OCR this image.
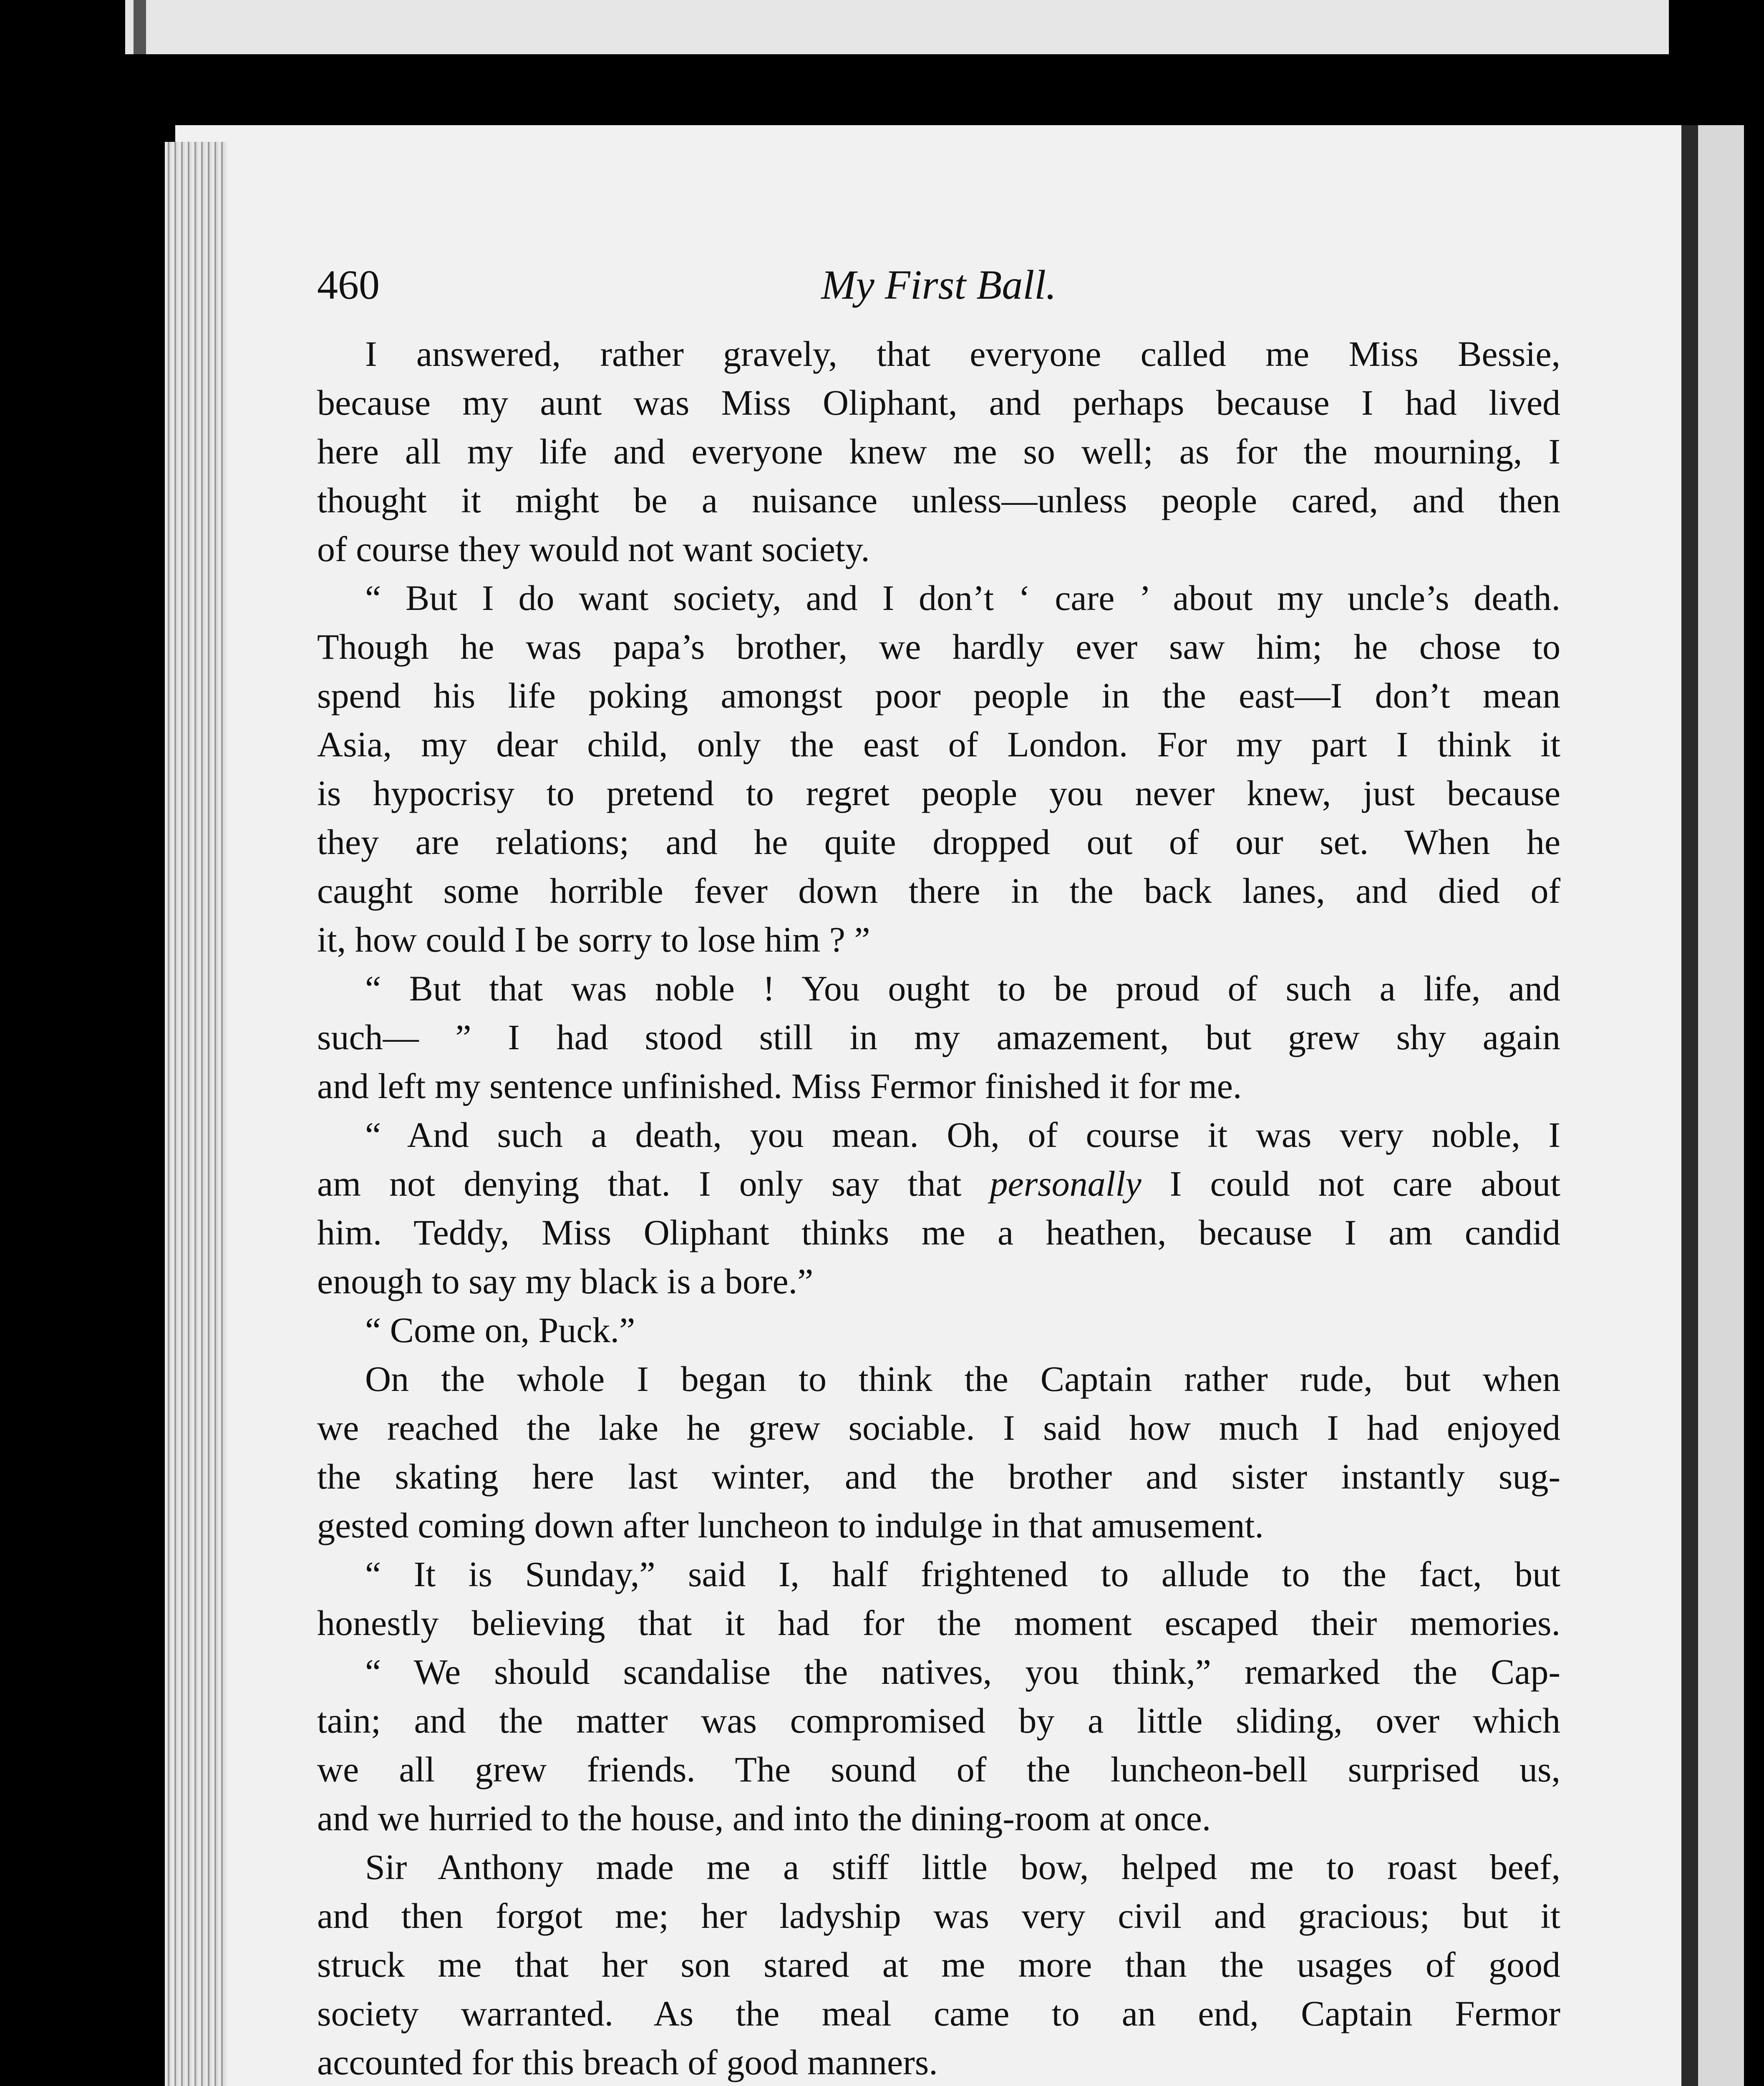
460	My First Ball.

I answered, rather gravely, that everyone called me Miss Bessie,
because my aunt was Miss Oliphant, and perhaps because I had lived
here all my life and everyone knew me so well; as for the mourning, I
thought it might be a nuisance unless—unless people cared, and then
of course they would not want society.

“ But I do want society, and I don’t ‘ care ’ about my uncle’s death.
Though he was papa’s brother, we hardly ever saw him; he chose to
spend his life poking amongst poor people in the east—I don’t mean
Asia, my dear child, only the east of London. For my part I think it
is hypocrisy to pretend to regret people you never knew, just because
they are relations; and he quite dropped out of our set. When he
caught some horrible fever down there in the back lanes, and died of
it, how could I be sorry to lose him ? ”

“ But that was noble ! You ought to be proud of such a life, and
such— ” I had stood still in my amazement, but grew shy again
and left my sentence unfinished. Miss Fermor finished it for me.

“ And such a death, you mean. Oh, of course it was very noble, I
am not denying that. I only say that personally I could not care about
him. Teddy, Miss Oliphant thinks me a heathen, because I am candid
enough to say my black is a bore.”

“ Come on, Puck.”

On the whole I began to think the Captain rather rude, but when
we reached the lake he grew sociable. I said how much I had enjoyed
the skating here last winter, and the brother and sister instantly sug-
gested coming down after luncheon to indulge in that amusement.

“ It is Sunday,” said I, half frightened to allude to the fact, but
honestly believing that it had for the moment escaped their memories.

“ We should scandalise the natives, you think,” remarked the Cap-
tain; and the matter was compromised by a little sliding, over which
we all grew friends. The sound of the luncheon-bell surprised us,
and we hurried to the house, and into the dining-room at once.

Sir Anthony made me a stiff little bow, helped me to roast beef,
and then forgot me; her ladyship was very civil and gracious; but it
struck me that her son stared at me more than the usages of good
society warranted. As the meal came to an end, Captain Fermor
accounted for this breach of good manners.
